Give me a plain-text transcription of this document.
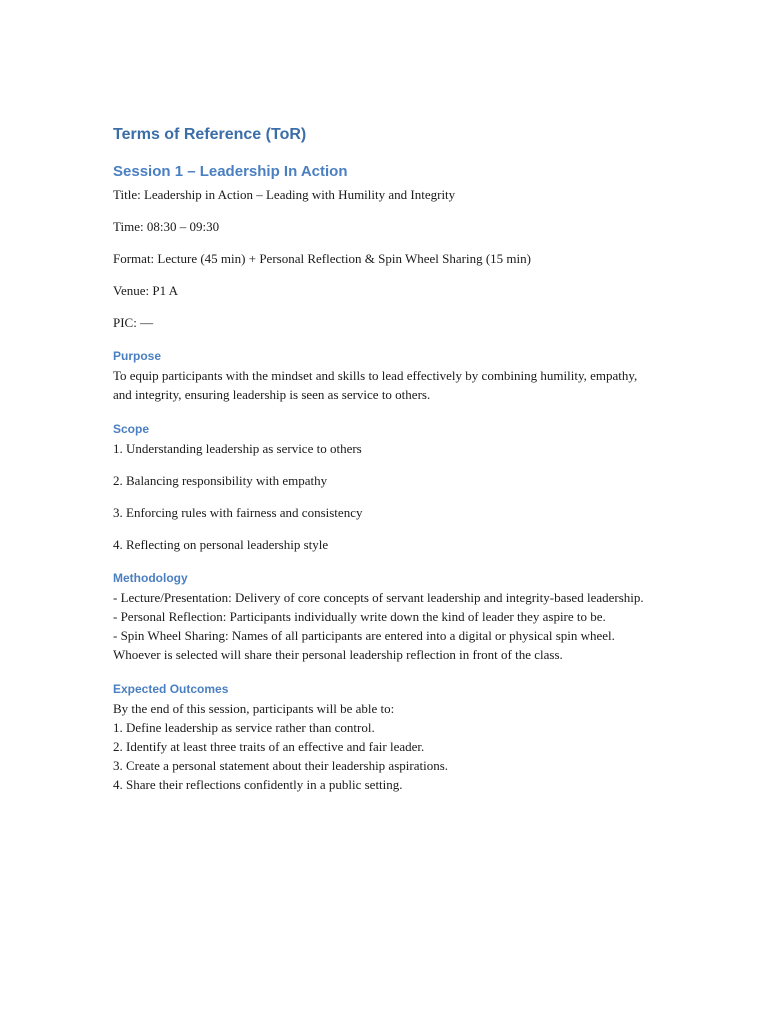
Terms of Reference (ToR)
Session 1 – Leadership In Action

Title: Leadership in Action – Leading with Humility and Integrity

Time: 08:30 – 09:30

Format: Lecture (45 min) + Personal Reflection & Spin Wheel Sharing (15 min)

Venue: P1 A

PIC: —

Purpose

To equip participants with the mindset and skills to lead effectively by combining humility, empathy, and integrity, ensuring leadership is seen as service to others.

Scope

1. Understanding leadership as service to others

2. Balancing responsibility with empathy

3. Enforcing rules with fairness and consistency

4. Reflecting on personal leadership style

Methodology

- Lecture/Presentation: Delivery of core concepts of servant leadership and integrity-based leadership.

- Personal Reflection: Participants individually write down the kind of leader they aspire to be.

- Spin Wheel Sharing: Names of all participants are entered into a digital or physical spin wheel. Whoever is selected will share their personal leadership reflection in front of the class.

Expected Outcomes

By the end of this session, participants will be able to:

1. Define leadership as service rather than control.

2. Identify at least three traits of an effective and fair leader.

3. Create a personal statement about their leadership aspirations.

4. Share their reflections confidently in a public setting.
